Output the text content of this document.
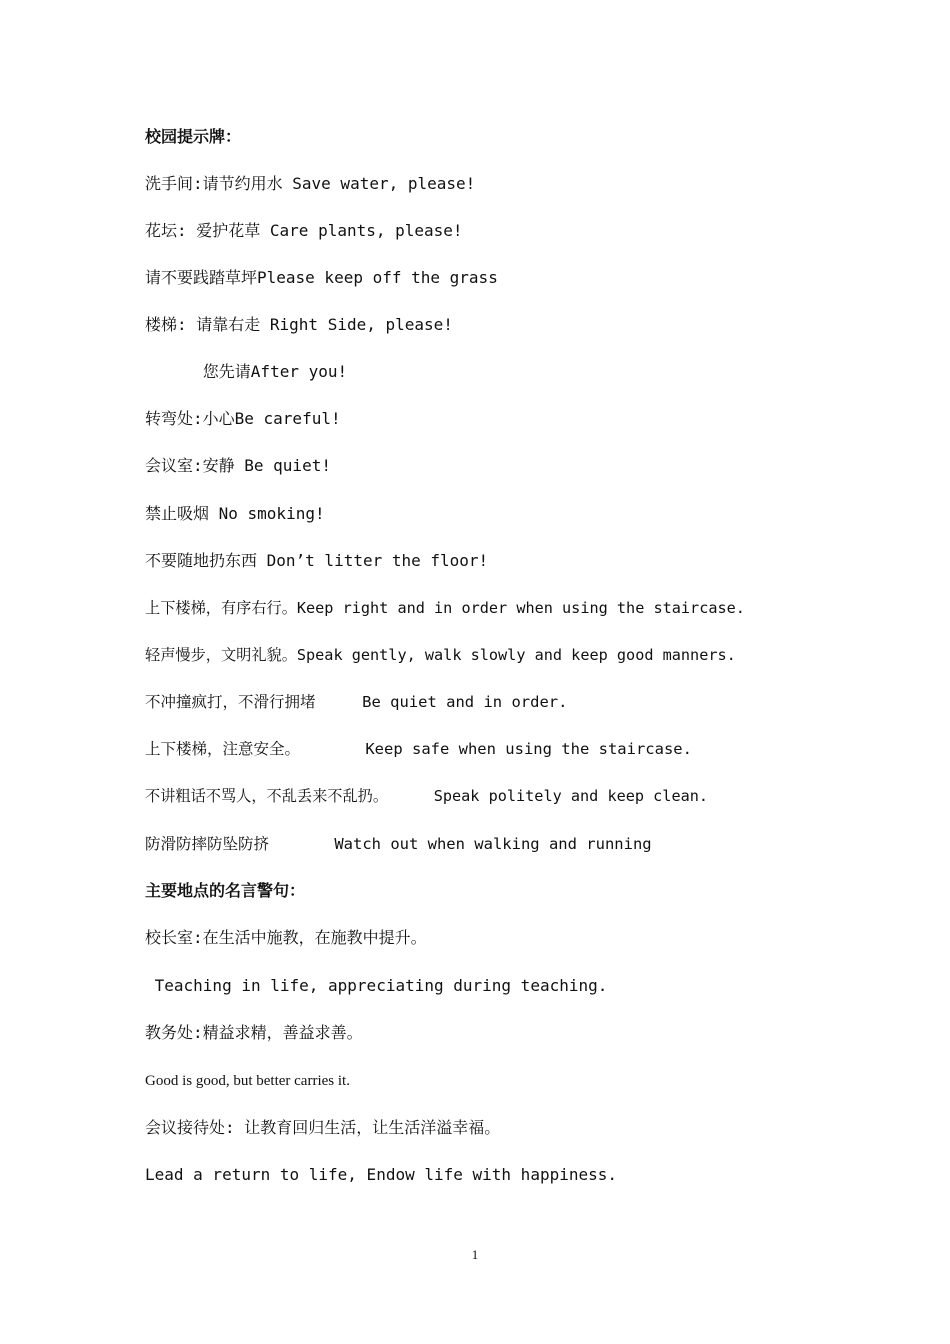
校园提示牌：
洗手间:请节约用水 Save water, please!
花坛: 爱护花草 Care plants, please!
请不要践踏草坪Please keep off the grass
楼梯: 请靠右走 Right Side, please!
您先请After you!
转弯处:小心Be careful!
会议室:安静 Be quiet!
禁止吸烟 No smoking!
不要随地扔东西 Don’t litter the floor!
上下楼梯，有序右行。Keep right and in order when using the staircase.
轻声慢步，文明礼貌。Speak gently, walk slowly and keep good manners.
不冲撞疯打，不滑行拥堵     Be quiet and in order.
上下楼梯，注意安全。       Keep safe when using the staircase.
不讲粗话不骂人，不乱丢来不乱扔。     Speak politely and keep clean.
防滑防摔防坠防挤       Watch out when walking and running
主要地点的名言警句：
校长室:在生活中施教，在施教中提升。
Teaching in life, appreciating during teaching.
教务处:精益求精，善益求善。
Good is good, but better carries it.
会议接待处: 让教育回归生活，让生活洋溢幸福。
Lead a return to life, Endow life with happiness.
1
